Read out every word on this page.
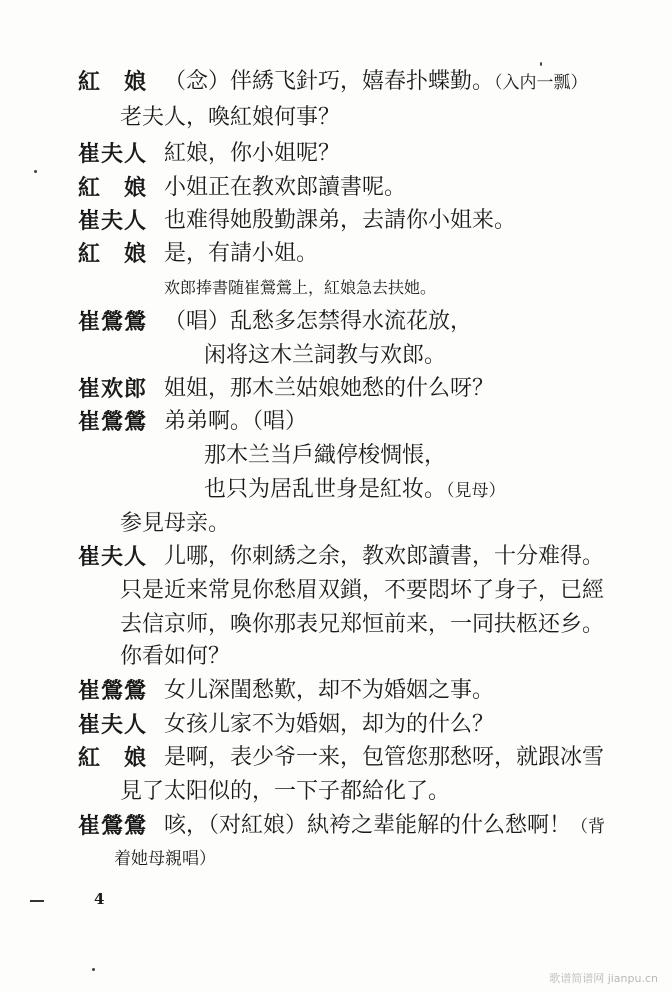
紅　娘 （念）伴綉飞針巧，嬉春扑蝶勤。（入内一瓢）
老夫人，喚紅娘何事？
崔夫人 紅娘，你小姐呢？
紅　娘 小姐正在教欢郎讀書呢。
崔夫人 也难得她殷勤課弟，去請你小姐来。
紅　娘 是，有請小姐。
欢郎捧書随崔鶯鶯上，紅娘急去扶她。
崔鶯鶯 （唱）乱愁多怎禁得水流花放，
闲将这木兰詞教与欢郎。
崔欢郎 姐姐，那木兰姑娘她愁的什么呀？
崔鶯鶯 弟弟啊。（唱）
那木兰当戶織停梭惆悵，
也只为居乱世身是紅妆。（見母）
参見母亲。
崔夫人 儿哪，你刺綉之余，教欢郎讀書，十分难得。
只是近来常見你愁眉双鎖，不要悶坏了身子，已經
去信京师，喚你那表兄郑恒前来，一同扶柩还乡。
你看如何？
崔鶯鶯 女儿深閨愁歎，却不为婚姻之事。
崔夫人 女孩儿家不为婚姻，却为的什么？
紅　娘 是啊，表少爷一来，包管您那愁呀，就跟冰雪
見了太阳似的，一下子都給化了。
崔鶯鶯 咳，（对紅娘）紈袴之辈能解的什么愁啊！（背
着她母親唱）
4
歌谱简谱网 jianpu.cn
